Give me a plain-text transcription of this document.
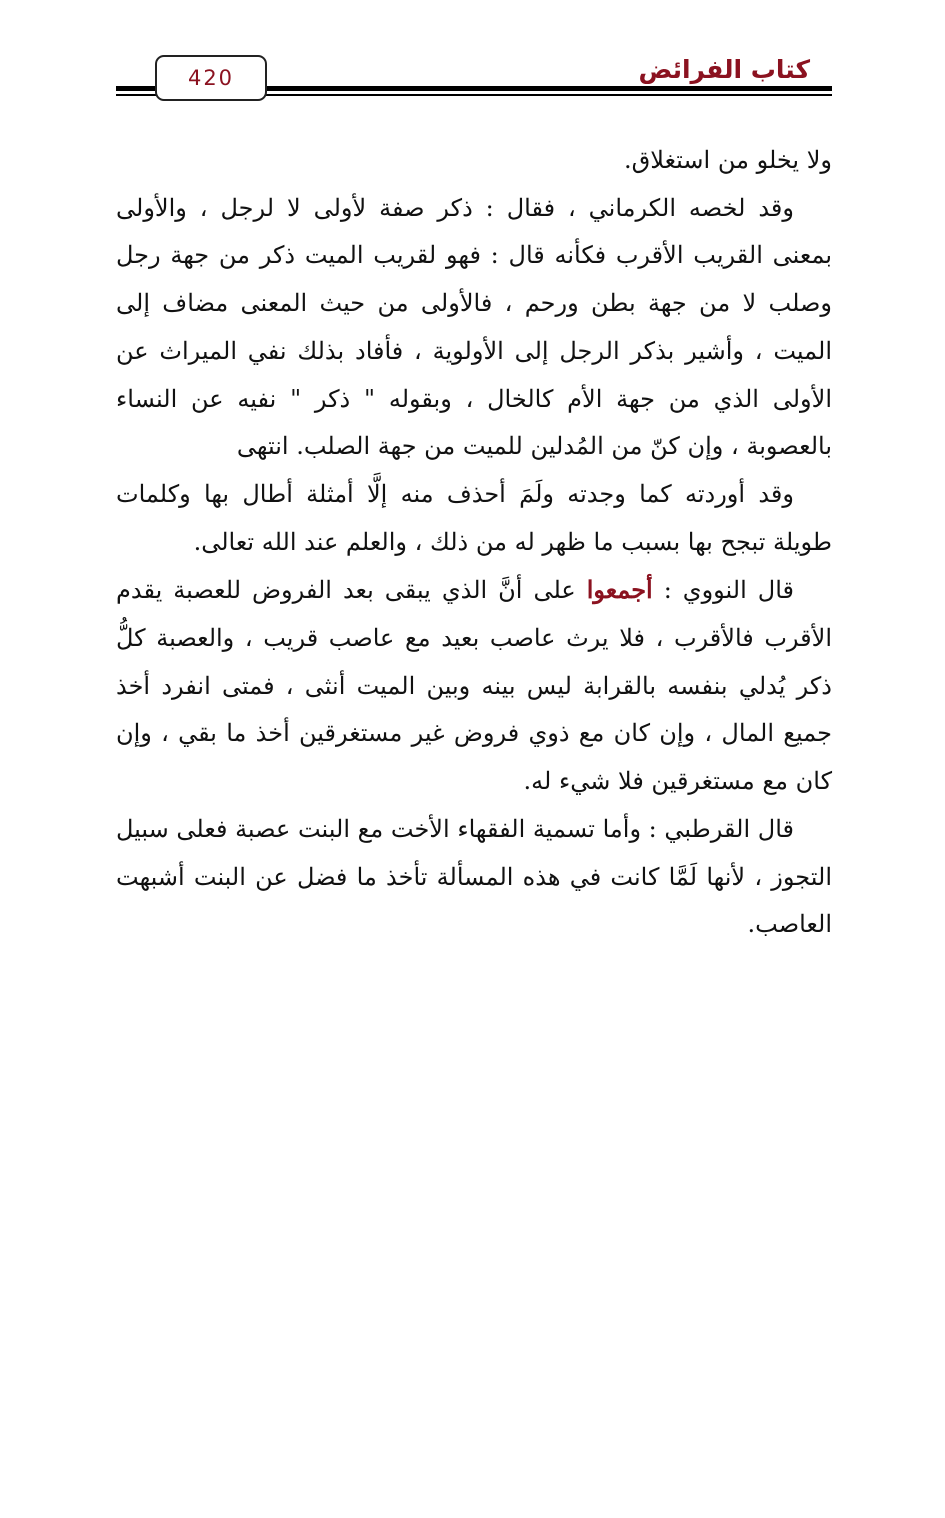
كتاب الفرائض
420

ولا يخلو من استغلاق.

وقد لخصه الكرماني ، فقال : ذكر صفة لأولى لا لرجل ، والأولى بمعنى القريب الأقرب فكأنه قال : فهو لقريب الميت ذكر من جهة رجل وصلب لا من جهة بطن ورحم ، فالأولى من حيث المعنى مضاف إلى الميت ، وأشير بذكر الرجل إلى الأولوية ، فأفاد بذلك نفي الميراث عن الأولى الذي من جهة الأم كالخال ، وبقوله " ذكر " نفيه عن النساء بالعصوبة ، وإن كنّ من المُدلين للميت من جهة الصلب. انتهى

وقد أوردته كما وجدته ولَمَ أحذف منه إلَّا أمثلة أطال بها وكلمات طويلة تبجح بها بسبب ما ظهر له من ذلك ، والعلم عند الله تعالى.

قال النووي : أجمعوا على أنَّ الذي يبقى بعد الفروض للعصبة يقدم الأقرب فالأقرب ، فلا يرث عاصب بعيد مع عاصب قريب ، والعصبة كلُّ ذكر يُدلي بنفسه بالقرابة ليس بينه وبين الميت أنثى ، فمتى انفرد أخذ جميع المال ، وإن كان مع ذوي فروض غير مستغرقين أخذ ما بقي ، وإن كان مع مستغرقين فلا شيء له.

قال القرطبي : وأما تسمية الفقهاء الأخت مع البنت عصبة فعلى سبيل التجوز ، لأنها لَمَّا كانت في هذه المسألة تأخذ ما فضل عن البنت أشبهت العاصب.
